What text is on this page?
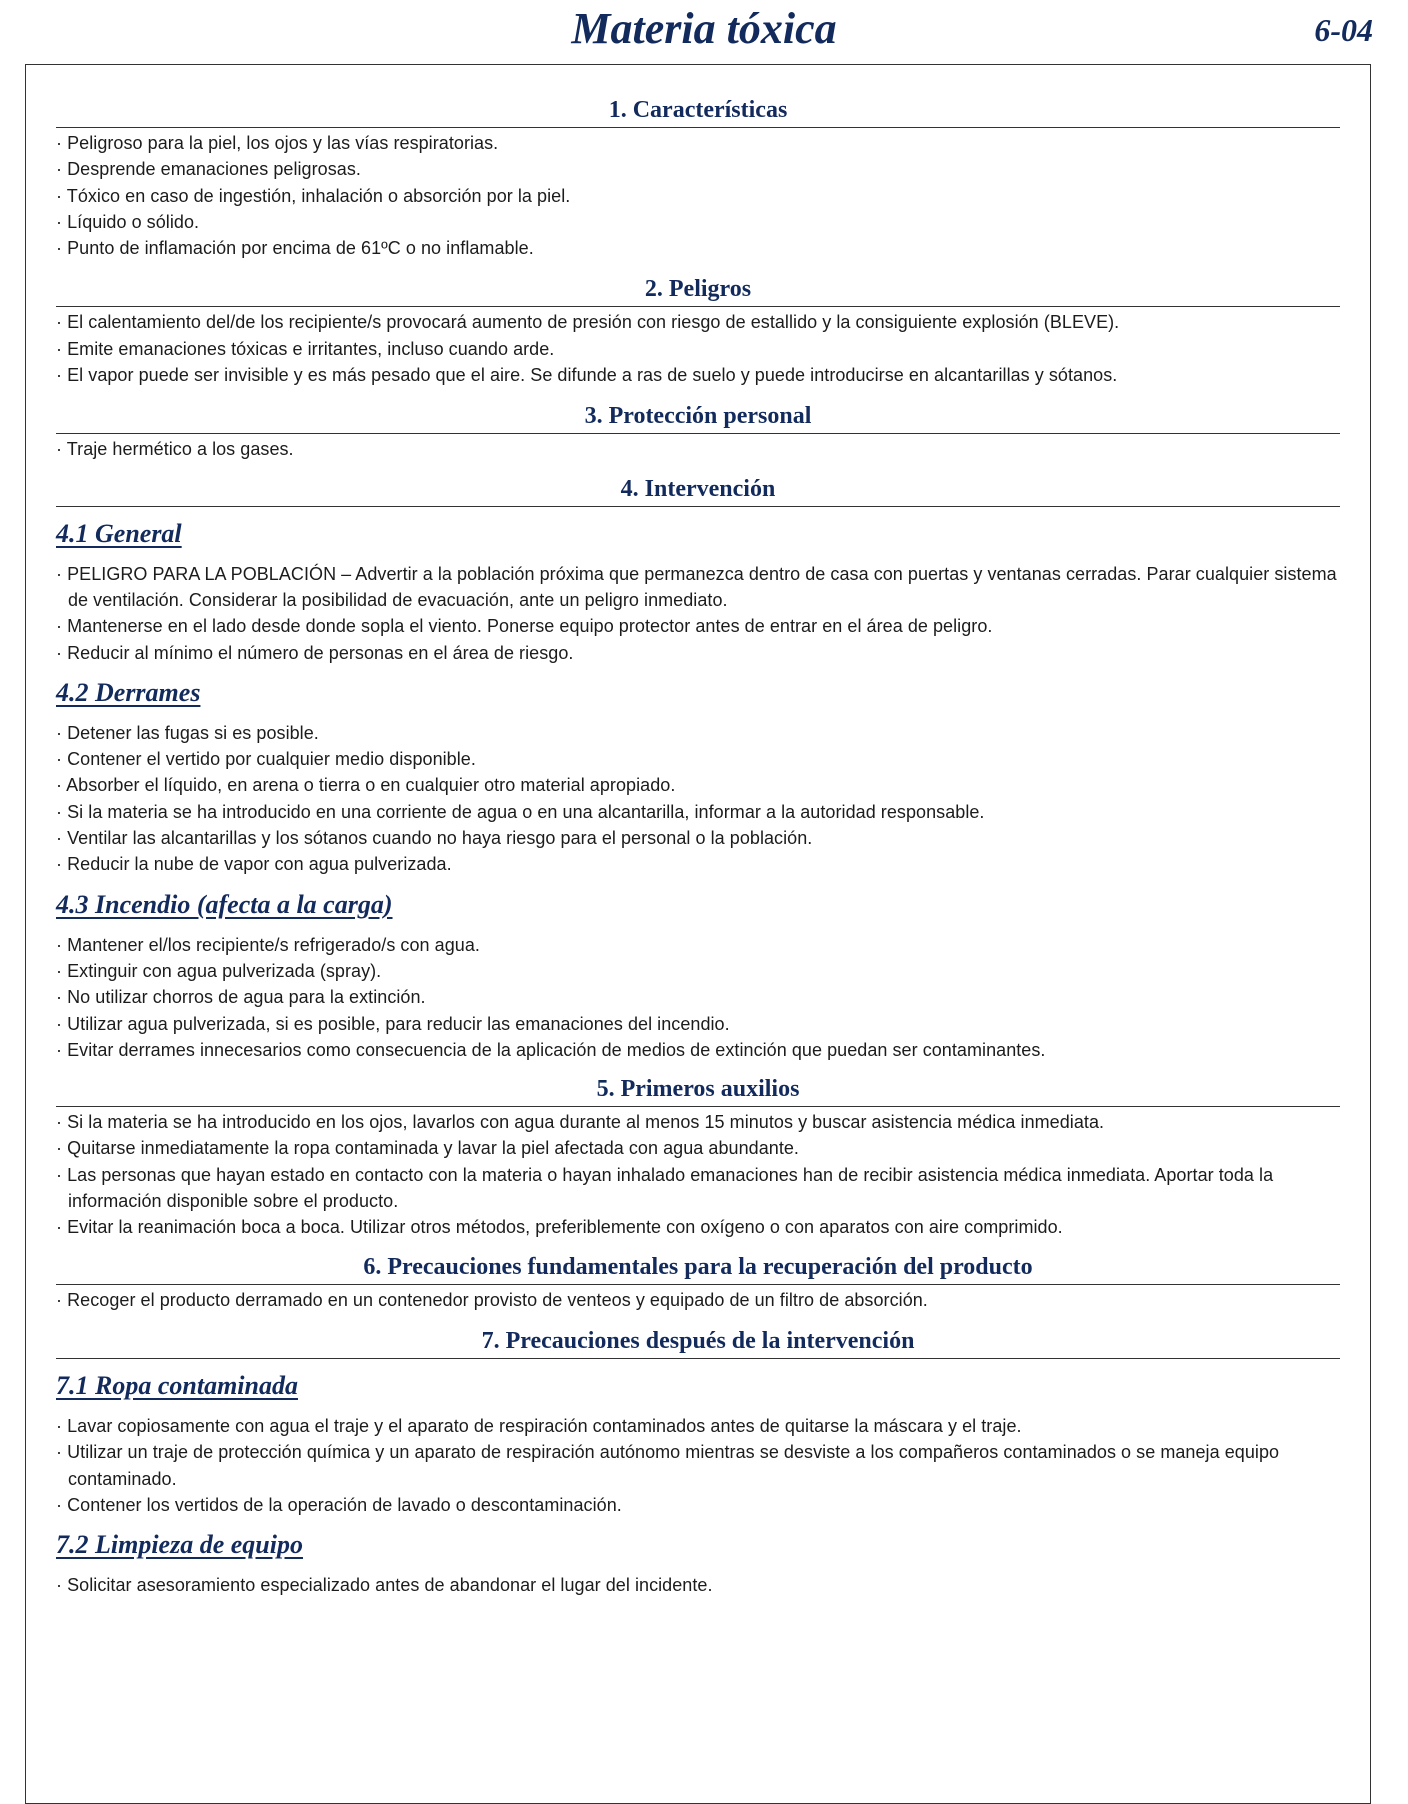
Materia tóxica	6-04
1. Características
· Peligroso para la piel, los ojos y las vías respiratorias.
· Desprende emanaciones peligrosas.
· Tóxico en caso de ingestión, inhalación o absorción por la piel.
· Líquido o sólido.
· Punto de inflamación por encima de 61ºC o no inflamable.
2. Peligros
· El calentamiento del/de los recipiente/s provocará aumento de presión con riesgo de estallido y la consiguiente explosión (BLEVE).
· Emite emanaciones tóxicas e irritantes, incluso cuando arde.
· El vapor puede ser invisible y es más pesado que el aire. Se difunde a ras de suelo y puede introducirse en alcantarillas y sótanos.
3. Protección personal
· Traje hermético a los gases.
4. Intervención
4.1 General
· PELIGRO PARA LA POBLACIÓN – Advertir a la población próxima que permanezca dentro de casa con puertas y ventanas cerradas. Parar cualquier sistema de ventilación. Considerar la posibilidad de evacuación, ante un peligro inmediato.
· Mantenerse en el lado desde donde sopla el viento. Ponerse equipo protector antes de entrar en el área de peligro.
· Reducir al mínimo el número de personas en el área de riesgo.
4.2 Derrames
· Detener las fugas si es posible.
· Contener el vertido por cualquier medio disponible.
· Absorber el líquido, en arena o tierra o en cualquier otro material apropiado.
· Si la materia se ha introducido en una corriente de agua o en una alcantarilla, informar a la autoridad responsable.
· Ventilar las alcantarillas y los sótanos cuando no haya riesgo para el personal o la población.
· Reducir la nube de vapor con agua pulverizada.
4.3 Incendio (afecta a la carga)
· Mantener el/los recipiente/s refrigerado/s con agua.
· Extinguir con agua pulverizada (spray).
· No utilizar chorros de agua para la extinción.
· Utilizar agua pulverizada, si es posible, para reducir las emanaciones del incendio.
· Evitar derrames innecesarios como consecuencia de la aplicación de medios de extinción que puedan ser contaminantes.
5. Primeros auxilios
· Si la materia se ha introducido en los ojos, lavarlos con agua durante al menos 15 minutos y buscar asistencia médica inmediata.
· Quitarse inmediatamente la ropa contaminada y lavar la piel afectada con agua abundante.
· Las personas que hayan estado en contacto con la materia o hayan inhalado emanaciones han de recibir asistencia médica inmediata. Aportar toda la información disponible sobre el producto.
· Evitar la reanimación boca a boca. Utilizar otros métodos, preferiblemente con oxígeno o con aparatos con aire comprimido.
6. Precauciones fundamentales para la recuperación del producto
· Recoger el producto derramado en un contenedor provisto de venteos y equipado de un filtro de absorción.
7. Precauciones después de la intervención
7.1 Ropa contaminada
· Lavar copiosamente con agua el traje y el aparato de respiración contaminados antes de quitarse la máscara y el traje.
· Utilizar un traje de protección química y un aparato de respiración autónomo mientras se desviste a los compañeros contaminados o se maneja equipo contaminado.
· Contener los vertidos de la operación de lavado o descontaminación.
7.2 Limpieza de equipo
· Solicitar asesoramiento especializado antes de abandonar el lugar del incidente.
